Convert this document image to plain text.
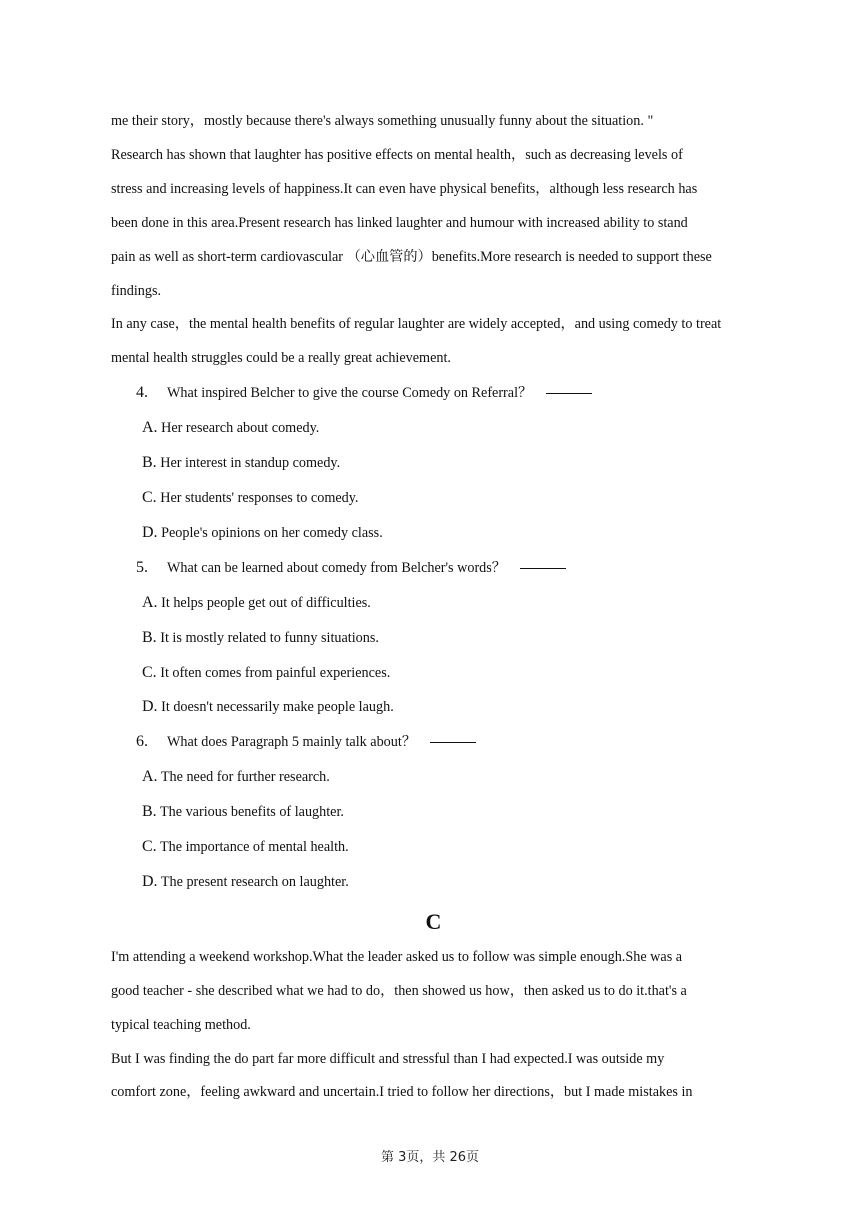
me their story，mostly because there's always something unusually funny about the situation. "
Research has shown that laughter has positive effects on mental health，such as decreasing levels of
stress and increasing levels of happiness.It can even have physical benefits，although less research has
been done in this area.Present research has linked laughter and humour with increased ability to stand
pain as well as short-term cardiovascular （心血管的）benefits.More research is needed to support these
findings.
In any case，the mental health benefits of regular laughter are widely accepted，and using comedy to treat
mental health struggles could be a really great achievement.
4. What inspired Belcher to give the course Comedy on Referral？
A. Her research about comedy.
B. Her interest in standup comedy.
C. Her students' responses to comedy.
D. People's opinions on her comedy class.
5. What can be learned about comedy from Belcher's words？
A. It helps people get out of difficulties.
B. It is mostly related to funny situations.
C. It often comes from painful experiences.
D. It doesn't necessarily make people laugh.
6. What does Paragraph 5 mainly talk about？
A. The need for further research.
B. The various benefits of laughter.
C. The importance of mental health.
D. The present research on laughter.
C
I'm attending a weekend workshop.What the leader asked us to follow was simple enough.She was a
good teacher - she described what we had to do，then showed us how，then asked us to do it.that's a
typical teaching method.
But I was finding the do part far more difficult and stressful than I had expected.I was outside my
comfort zone，feeling awkward and uncertain.I tried to follow her directions，but I made mistakes in
第 3页，共 26页
